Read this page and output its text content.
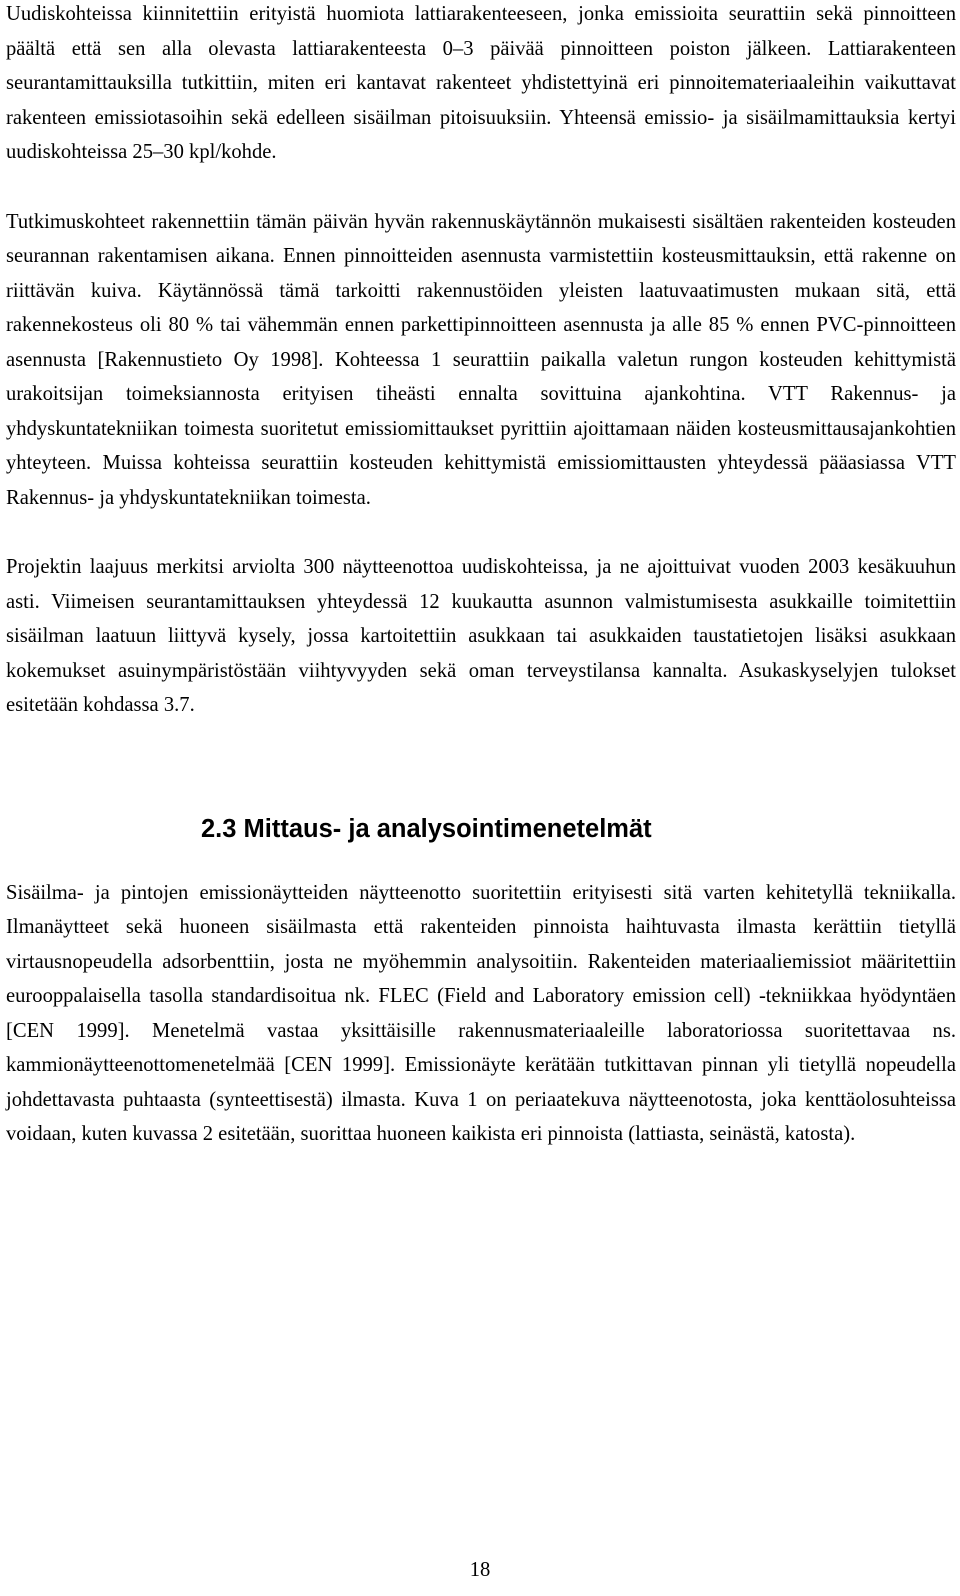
Uudiskohteissa kiinnitettiin erityistä huomiota lattiarakenteeseen, jonka emissioita seurattiin sekä pinnoitteen päältä että sen alla olevasta lattiarakenteesta 0–3 päivää pinnoitteen poiston jälkeen. Lattiarakenteen seurantamittauksilla tutkittiin, miten eri kantavat rakenteet yhdistettyinä eri pinnoitemateriaaleihin vaikuttavat rakenteen emissiotasoihin sekä edelleen sisäilman pitoisuuksiin. Yhteensä emissio- ja sisäilmamittauksia kertyi uudiskohteissa 25–30 kpl/kohde.

Tutkimuskohteet rakennettiin tämän päivän hyvän rakennuskäytännön mukaisesti sisältäen rakenteiden kosteuden seurannan rakentamisen aikana. Ennen pinnoitteiden asennusta varmistettiin kosteusmittauksin, että rakenne on riittävän kuiva. Käytännössä tämä tarkoitti rakennustöiden yleisten laatuvaatimusten mukaan sitä, että rakennekosteus oli 80 % tai vähemmän ennen parkettipinnoitteen asennusta ja alle 85 % ennen PVC-pinnoitteen asennusta [Rakennustieto Oy 1998]. Kohteessa 1 seurattiin paikalla valetun rungon kosteuden kehittymistä urakoitsijan toimeksiannosta erityisen tiheästi ennalta sovittuina ajankohtina. VTT Rakennus- ja yhdyskuntatekniikan toimesta suoritetut emissiomittaukset pyrittiin ajoittamaan näiden kosteusmittausajankohtien yhteyteen. Muissa kohteissa seurattiin kosteuden kehittymistä emissiomittausten yhteydessä pääasiassa VTT Rakennus- ja yhdyskuntatekniikan toimesta.

Projektin laajuus merkitsi arviolta 300 näytteenottoa uudiskohteissa, ja ne ajoittuivat vuoden 2003 kesäkuuhun asti. Viimeisen seurantamittauksen yhteydessä 12 kuukautta asunnon valmistumisesta asukkaille toimitettiin sisäilman laatuun liittyvä kysely, jossa kartoitettiin asukkaan tai asukkaiden taustatietojen lisäksi asukkaan kokemukset asuinympäristöstään viihtyvyyden sekä oman terveystilansa kannalta. Asukaskyselyjen tulokset esitetään kohdassa 3.7.

2.3 Mittaus- ja analysointimenetelmät

Sisäilma- ja pintojen emissionäytteiden näytteenotto suoritettiin erityisesti sitä varten kehitetyllä tekniikalla. Ilmanäytteet sekä huoneen sisäilmasta että rakenteiden pinnoista haihtuvasta ilmasta kerättiin tietyllä virtausnopeudella adsorbenttiin, josta ne myöhemmin analysoitiin. Rakenteiden materiaaliemissiot määritettiin eurooppalaisella tasolla standardisoitua nk. FLEC (Field and Laboratory emission cell) -tekniikkaa hyödyntäen [CEN 1999]. Menetelmä vastaa yksittäisille rakennusmateriaaleille laboratoriossa suoritettavaa ns. kammionäytteenottomenetelmää [CEN 1999]. Emissionäyte kerätään tutkittavan pinnan yli tietyllä nopeudella johdettavasta puhtaasta (synteettisestä) ilmasta. Kuva 1 on periaatekuva näytteenotosta, joka kenttäolosuhteissa voidaan, kuten kuvassa 2 esitetään, suorittaa huoneen kaikista eri pinnoista (lattiasta, seinästä, katosta).

18
